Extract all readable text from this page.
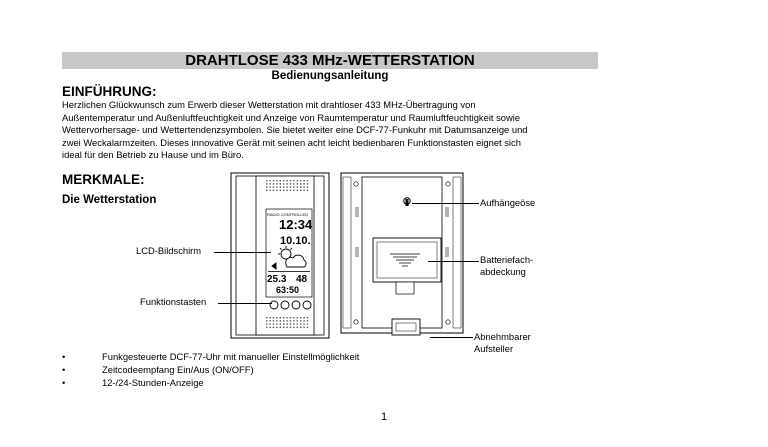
DRAHTLOSE 433 MHz-WETTERSTATION
Bedienungsanleitung
EINFÜHRUNG:
Herzlichen Glückwunsch zum Erwerb dieser Wetterstation mit drahtloser 433 MHz-Übertragung von
Außentemperatur und Außenluftfeuchtigkeit und Anzeige von Raumtemperatur und Raumluftfeuchtigkeit sowie
Wettervorhersage- und Wettertendenzsymbolen. Sie bietet weiter eine DCF-77-Funkuhr mit Datumsanzeige und
zwei Weckalarmzeiten. Dieses innovative Gerät mit seinen acht leicht bedienbaren Funktionstasten eignet sich
ideal für den Betrieb zu Hause und im Büro.
MERKMALE:
Die Wetterstation
RADIO CONTROLLED
12:34
10.10.
25.3 48
63:50
LCD-Bildschirm
Funktionstasten
Aufhängeöse
Batteriefach-
abdeckung
Abnehmbarer
Aufsteller
•	Funkgesteuerte DCF-77-Uhr mit manueller Einstellmöglichkeit
•	Zeitcodeempfang Ein/Aus (ON/OFF)
•	12-/24-Stunden-Anzeige
1
